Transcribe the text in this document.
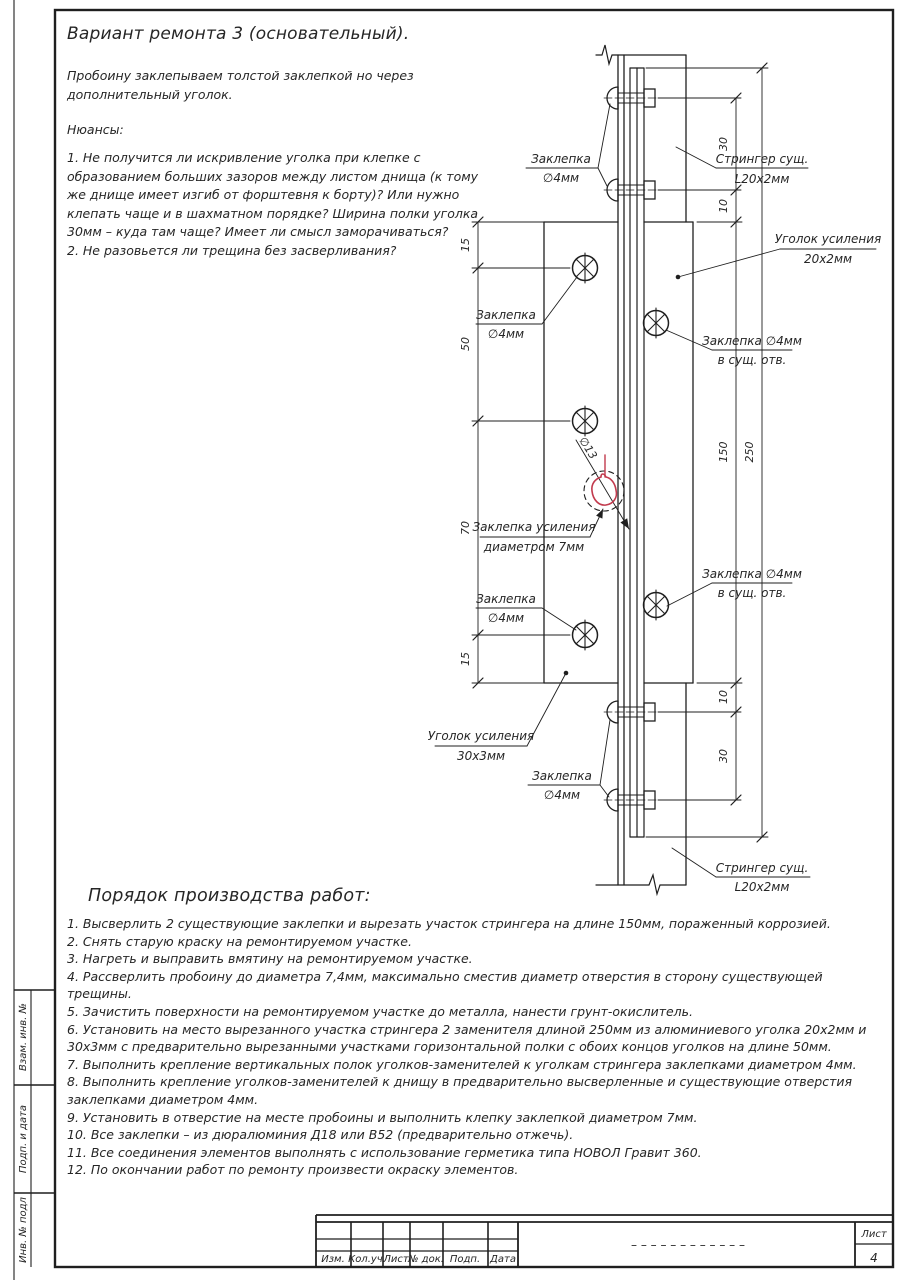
Взам. инв. №
Подп. и дата
Инв. № подл	Изм. Кол.уч.
Лист № док. Подп. Дата
– – – – – – – – – – – –
Лист
4
∅13
15
50
70
15
30
10
150
10
30
250
Заклепка
∅4мм
Стрингер сущ.
L20x2мм
Уголок усиления
20х2мм
Заклепка ∅4мм
в сущ. отв.
Заклепка
∅4мм
Заклепка усиления
диаметром 7мм
Заклепка
∅4мм
Уголок усиления
30х3мм
Заклепка
∅4мм
Заклепка ∅4мм
в сущ. отв.
Стрингер сущ.
L20x2мм
Вариант ремонта 3 (основательный).
Пробоину заклепываем толстой заклепкой но через дополнительный уголок.
Нюансы:
1. Не получится ли искривление уголка при клепке с образованием больших зазоров между листом днища (к тому же днище имеет изгиб от форштевня к борту)? Или нужно клепать чаще и в шахматном порядке? Ширина полки уголка 30мм – куда там чаще? Имеет ли смысл заморачиваться?
2. Не разовьется ли трещина без засверливания?
Порядок производства работ:
1. Высверлить 2 существующие заклепки и вырезать участок стрингера на длине 150мм, пораженный коррозией.
2. Снять старую краску на ремонтируемом участке.
3. Нагреть и выправить вмятину на ремонтируемом участке.
4. Рассверлить пробоину до диаметра 7,4мм, максимально сместив диаметр отверстия в сторону существующей трещины.
5. Зачистить поверхности на ремонтируемом участке до металла, нанести грунт-окислитель.
6. Установить на место вырезанного участка стрингера 2 заменителя длиной 250мм из алюминиевого уголка 20х2мм и 30х3мм с предварительно вырезанными участками горизонтальной полки с обоих концов уголков на длине 50мм.
7. Выполнить крепление вертикальных полок уголков-заменителей к уголкам стрингера заклепками диаметром 4мм.
8. Выполнить крепление уголков-заменителей к днищу в предварительно высверленные и существующие отверстия заклепками диаметром 4мм.
9. Установить в отверстие на месте пробоины и выполнить клепку заклепкой диаметром 7мм.
10. Все заклепки – из дюралюминия Д18 или В52 (предварительно отжечь).
11. Все соединения элементов выполнять с использование герметика типа НОВОЛ Гравит 360.
12. По окончании работ по ремонту произвести окраску элементов.
